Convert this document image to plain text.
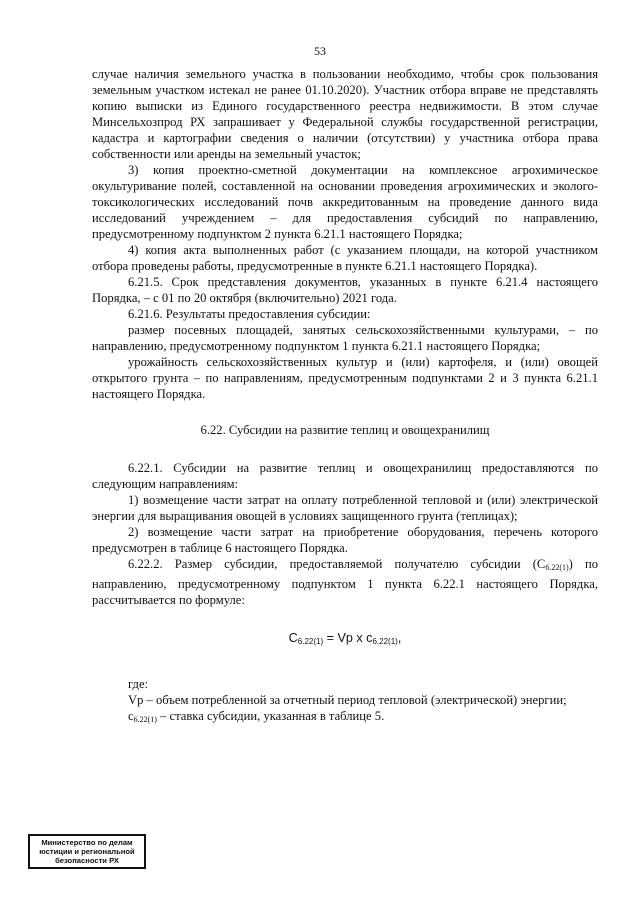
53

случае наличия земельного участка в пользовании необходимо, чтобы срок пользования земельным участком истекал не ранее 01.10.2020). Участник отбора вправе не представлять копию выписки из Единого государственного реестра недвижимости. В этом случае Минсельхозпрод РХ запрашивает у Федеральной службы государственной регистрации, кадастра и картографии сведения о наличии (отсутствии) у участника отбора права собственности или аренды на земельный участок;

3) копия проектно-сметной документации на комплексное агрохимическое окультуривание полей, составленной на основании проведения агрохимических и эколого-токсикологических исследований почв аккредитованным на проведение данного вида исследований учреждением – для предоставления субсидий по направлению, предусмотренному подпунктом 2 пункта 6.21.1 настоящего Порядка;

4) копия акта выполненных работ (с указанием площади, на которой участником отбора проведены работы, предусмотренные в пункте 6.21.1 настоящего Порядка).

6.21.5. Срок представления документов, указанных в пункте 6.21.4 настоящего Порядка, – с 01 по 20 октября (включительно) 2021 года.

6.21.6. Результаты предоставления субсидии:

размер посевных площадей, занятых сельскохозяйственными культурами, – по направлению, предусмотренному подпунктом 1 пункта 6.21.1 настоящего Порядка;

урожайность сельскохозяйственных культур и (или) картофеля, и (или) овощей открытого грунта – по направлениям, предусмотренным подпунктами 2 и 3 пункта 6.21.1 настоящего Порядка.

6.22. Субсидии на развитие теплиц и овощехранилищ

6.22.1. Субсидии на развитие теплиц и овощехранилищ предоставляются по следующим направлениям:

1) возмещение части затрат на оплату потребленной тепловой и (или) электрической энергии для выращивания овощей в условиях защищенного грунта (теплицах);

2) возмещение части затрат на приобретение оборудования, перечень которого предусмотрен в таблице 6 настоящего Порядка.

6.22.2. Размер субсидии, предоставляемой получателю субсидии $(C_{6.22(1)})$ по направлению, предусмотренному подпунктом 1 пункта 6.22.1 настоящего Порядка, рассчитывается по формуле:

$C_{6.22(1)} = Vp$ x $c_{6.22(1)}$,

где:

Vp – объем потребленной за отчетный период тепловой (электрической) энергии;

$c_{6.22(1)}$ – ставка субсидии, указанная в таблице 5.

Министерство по делам
юстиции и региональной
безопасности РХ
